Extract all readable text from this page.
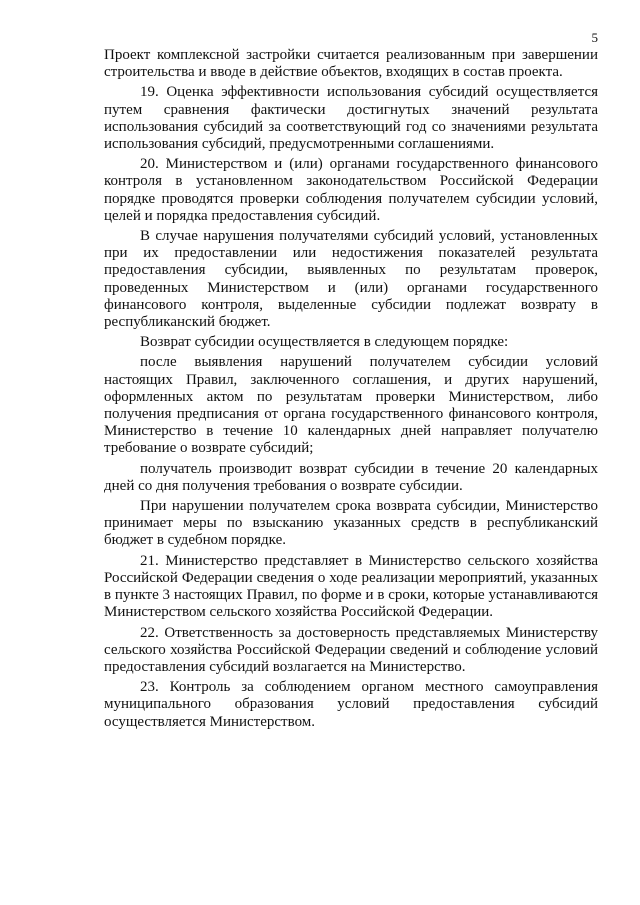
5

Проект комплексной застройки считается реализованным при завершении строительства и вводе в действие объектов, входящих в состав проекта.

19. Оценка эффективности использования субсидий осуществляется путем сравнения фактически достигнутых значений результата использования субсидий за соответствующий год со значениями результата использования субсидий, предусмотренными соглашениями.

20. Министерством и (или) органами государственного финансового контроля в установленном законодательством Российской Федерации порядке проводятся проверки соблюдения получателем субсидии условий, целей и порядка предоставления субсидий.

В случае нарушения получателями субсидий условий, установленных при их предоставлении или недостижения показателей результата предоставления субсидии, выявленных по результатам проверок, проведенных Министерством и (или) органами государственного финансового контроля, выделенные субсидии подлежат возврату в республиканский бюджет.

Возврат субсидии осуществляется в следующем порядке:

после выявления нарушений получателем субсидии условий настоящих Правил, заключенного соглашения, и других нарушений, оформленных актом по результатам проверки Министерством, либо получения предписания от органа государственного финансового контроля, Министерство в течение 10 календарных дней направляет получателю требование о возврате субсидий;

получатель производит возврат субсидии в течение 20 календарных дней со дня получения требования о возврате субсидии.

При нарушении получателем срока возврата субсидии, Министерство принимает меры по взысканию указанных средств в республиканский бюджет в судебном порядке.

21. Министерство представляет в Министерство сельского хозяйства Российской Федерации сведения о ходе реализации мероприятий, указанных в пункте 3 настоящих Правил, по форме и в сроки, которые устанавливаются Министерством сельского хозяйства Российской Федерации.

22. Ответственность за достоверность представляемых Министерству сельского хозяйства Российской Федерации сведений и соблюдение условий предоставления субсидий возлагается на Министерство.

23. Контроль за соблюдением органом местного самоуправления муниципального образования условий предоставления субсидий осуществляется Министерством.
